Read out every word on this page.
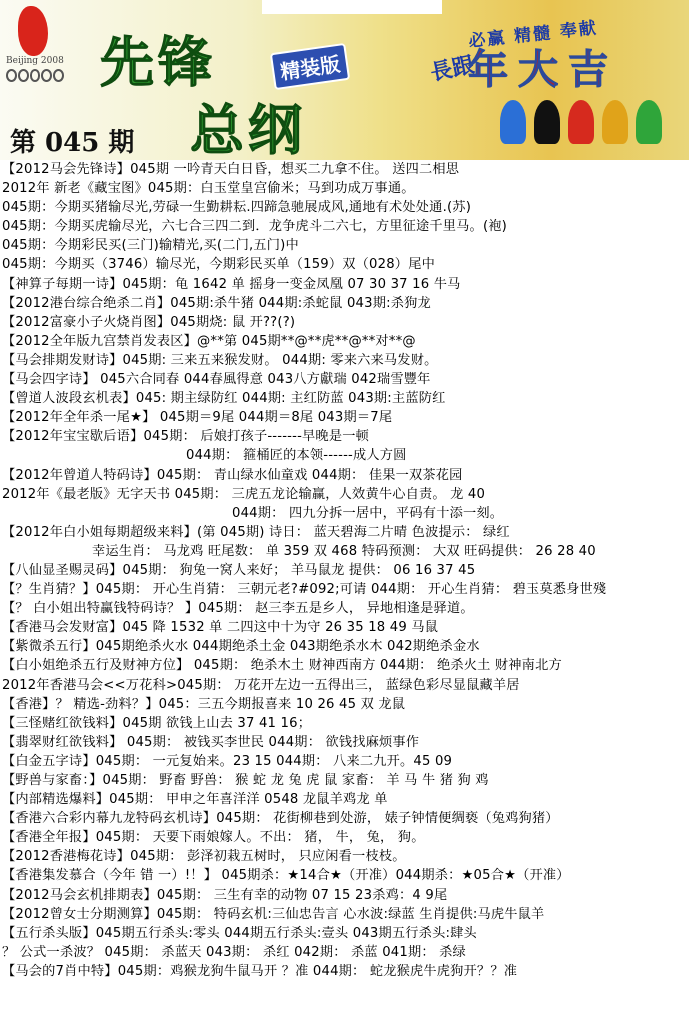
Beijing 2008 先锋	精装版
总纲
第 045 期
必赢 精髓 奉献
長跟
年大吉
【2012马会先锋诗】045期 一吟青天白日昏，想买二九拿不住。 送四二相思
2012年 新老《藏宝图》045期：白玉堂皇宫偷米；马到功成万事通。
045期：今期买猪输尽光,劳碌一生勤耕耘.四蹄急驰展成风,通地有术处处通.(苏)
045期：今期买虎输尽光，六七合三四二到．龙争虎斗二六七，方里征途千里马。(袍)
045期：今期彩民买(三门)输精光,买(二门,五门)中
045期：今期买（3746）输尽光，今期彩民买单（159）双（028）尾中
【神算子每期一诗】045期：龟 1642 单 摇身一变金凤凰 07 30 37 16 牛马
【2012港台综合绝杀二肖】045期:杀牛猪 044期:杀蛇鼠 043期:杀狗龙
【2012富豪小子火烧肖图】045期烧: 鼠 开??(?)
【2012全年版九宫禁肖发表区】@**第 045期**@**虎**@**对**@
【马会排期发财诗】045期: 三来五来猴发财。 044期: 零来六来马发财。
【马会四字诗】 045六合同春 044春風得意 043八方獻瑞 042瑞雪豐年
【曾道人波段玄机表】045: 期主绿防红 044期: 主红防蓝 043期:主蓝防红
【2012年全年杀一尾★】 045期＝9尾 044期＝8尾 043期＝7尾
【2012年宝宝歇后语】045期： 后娘打孩子-------早晚是一顿
044期： 箍桶匠的本领------成人方圆
【2012年曾道人特码诗】045期： 青山绿水仙童戏 044期： 佳果一双茶花园
2012年《最老版》无字天书 045期： 三虎五龙论输赢，人效黄牛心自责。 龙 40
044期： 四九分拆一居中，平码有十添一刻。
【2012年白小姐每期超级来料】(第 045期) 诗日： 蓝天碧海二片晴 色波提示： 绿红
幸运生肖： 马龙鸡 旺尾数： 单 359 双 468 特码预测： 大双 旺码提供： 26 28 40
【八仙显圣赐灵码】045期： 狗兔一窝人来好； 羊马鼠龙 提供： 06 16 37 45
【？生肖猜？】045期： 开心生肖猜： 三朝元老?#092;可请 044期： 开心生肖猜： 碧玉莫悉身世殘
【？ 白小姐出特赢钱特码诗？ 】045期： 赵三李五是乡人， 异地相逢是驿道。
【香港马会发财富】045 降 1532 单 二四这中十为守 26 35 18 49 马鼠
【紫微杀五行】045期绝杀火水 044期绝杀土金 043期绝杀水木 042期绝杀金水
【白小姐绝杀五行及财神方位】 045期： 绝杀木土 财神西南方 044期： 绝杀火土 财神南北方
2012年香港马会<<万花科>045期： 万花开左边一五得出三， 蓝绿色彩尽显鼠藏羊居
【香港】？ 精选-劲料？】045：三五今期报喜来 10 26 45 双 龙鼠
【三怪赌红欲钱料】045期 欲钱上山去 37 41 16；
【翡翠财红欲钱料】 045期： 被钱买李世民 044期： 欲钱找麻烦事作
【白金五字诗】045期： 一元复始来。23 15 044期： 八来二九开。45 09
【野兽与家畜：】045期： 野畜 野兽： 猴 蛇 龙 兔 虎 鼠 家畜： 羊 马 牛 猪 狗 鸡
【内部精选爆料】045期： 甲申之年喜洋洋 0548 龙鼠羊鸡龙 单
【香港六合彩内幕九龙特码玄机诗】045期： 花街柳巷到处游， 婊子钟情便绸亵（兔鸡狗猪）
【香港全年报】045期： 天要下雨娘嫁人。不出： 猪， 牛， 兔， 狗。
【2012香港梅花诗】045期： 彭泽初栽五树时， 只应闲看一枝枝。
【香港集发慕合（今年 错 一）!！】 045期杀：★14合★（开准）044期杀：★05合★（开准）
【2012马会玄机排期表】045期： 三生有幸的动物 07 15 23杀鸡：4 9尾
【2012曾女士分期测算】045期： 特码玄机:三仙忠告言 心水波:绿蓝 生肖提供:马虎牛鼠羊
【五行杀头版】045期五行杀头:零头 044期五行杀头:壹头 043期五行杀头:肆头
？ 公式一杀波？ 045期： 杀蓝天 043期： 杀红 042期： 杀蓝 041期： 杀绿
【马会的7肖中特】045期：鸡猴龙狗牛鼠马开 ？准 044期： 蛇龙猴虎牛虎狗开？？准
